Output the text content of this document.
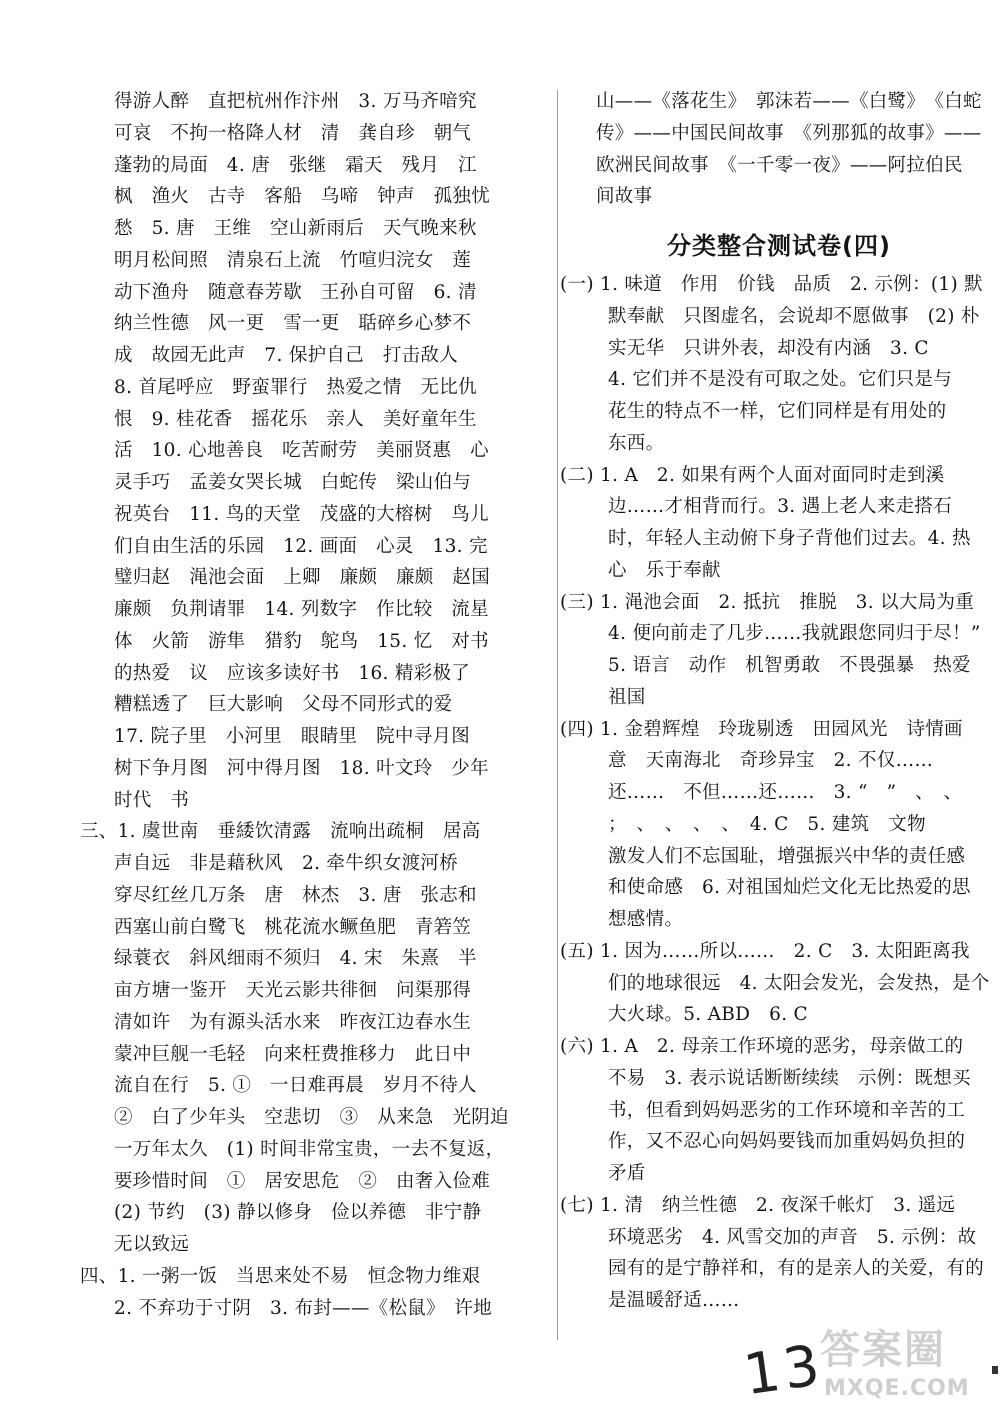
得游人醉　直把杭州作汴州　3. 万马齐喑究
可哀　不拘一格降人材　清　龚自珍　朝气
蓬勃的局面　4. 唐　张继　霜天　残月　江
枫　渔火　古寺　客船　乌啼　钟声　孤独忧
愁　5. 唐　王维　空山新雨后　天气晚来秋
明月松间照　清泉石上流　竹喧归浣女　莲
动下渔舟　随意春芳歇　王孙自可留　6. 清
纳兰性德　风一更　雪一更　聒碎乡心梦不
成　故园无此声　7. 保护自己　打击敌人
8. 首尾呼应　野蛮罪行　热爱之情　无比仇
恨　9. 桂花香　摇花乐　亲人　美好童年生
活　10. 心地善良　吃苦耐劳　美丽贤惠　心
灵手巧　孟姜女哭长城　白蛇传　梁山伯与
祝英台　11. 鸟的天堂　茂盛的大榕树　鸟儿
们自由生活的乐园　12. 画面　心灵　13. 完
璧归赵　渑池会面　上卿　廉颇　廉颇　赵国
廉颇　负荆请罪　14. 列数字　作比较　流星
体　火箭　游隼　猎豹　鸵鸟　15. 忆　对书
的热爱　议　应该多读好书　16. 精彩极了
糟糕透了　巨大影响　父母不同形式的爱
17. 院子里　小河里　眼睛里　院中寻月图
树下争月图　河中得月图　18. 叶文玲　少年
时代　书
三、1. 虞世南　垂緌饮清露　流响出疏桐　居高
声自远　非是藉秋风　2. 牵牛织女渡河桥
穿尽红丝几万条　唐　林杰　3. 唐　张志和
西塞山前白鹭飞　桃花流水鳜鱼肥　青箬笠
绿蓑衣　斜风细雨不须归　4. 宋　朱熹　半
亩方塘一鉴开　天光云影共徘徊　问渠那得
清如许　为有源头活水来　昨夜江边春水生
蒙冲巨舰一毛轻　向来枉费推移力　此日中
流自在行　5. ①　一日难再晨　岁月不待人
②　白了少年头　空悲切　③　从来急　光阴迫
一万年太久　(1) 时间非常宝贵，一去不复返，
要珍惜时间　①　居安思危　②　由奢入俭难
(2) 节约　(3) 静以修身　俭以养德　非宁静
无以致远
四、1. 一粥一饭　当思来处不易　恒念物力维艰
2. 不弃功于寸阴　3. 布封——《松鼠》　许地
山——《落花生》　郭沫若——《白鹭》　《白蛇
传》——中国民间故事　《列那狐的故事》——
欧洲民间故事　《一千零一夜》——阿拉伯民
间故事
分类整合测试卷(四)
(一) 1. 味道　作用　价钱　品质　2. 示例：(1) 默
默奉献　只图虚名，会说却不愿做事　(2) 朴
实无华　只讲外表，却没有内涵　3. C
4. 它们并不是没有可取之处。它们只是与
花生的特点不一样，它们同样是有用处的
东西。
(二) 1. A　2. 如果有两个人面对面同时走到溪
边……才相背而行。3. 遇上老人来走搭石
时，年轻人主动俯下身子背他们过去。4. 热
心　乐于奉献
(三) 1. 渑池会面　2. 抵抗　推脱　3. 以大局为重
4. 便向前走了几步……我就跟您同归于尽！”
5. 语言　动作　机智勇敢　不畏强暴　热爱
祖国
(四) 1. 金碧辉煌　玲珑剔透　田园风光　诗情画
意　天南海北　奇珍异宝　2. 不仅……
还……　不但……还……　3. “　”　、　、
；　、　、　、　、　4. C　5. 建筑　文物
激发人们不忘国耻，增强振兴中华的责任感
和使命感　6. 对祖国灿烂文化无比热爱的思
想感情。
(五) 1. 因为……所以……　2. C　3. 太阳距离我
们的地球很远　4. 太阳会发光，会发热，是个
大火球。5. ABD　6. C
(六) 1. A　2. 母亲工作环境的恶劣，母亲做工的
不易　3. 表示说话断断续续　示例：既想买
书，但看到妈妈恶劣的工作环境和辛苦的工
作，又不忍心向妈妈要钱而加重妈妈负担的
矛盾
(七) 1. 清　纳兰性德　2. 夜深千帐灯　3. 遥远
环境恶劣　4. 风雪交加的声音　5. 示例：故
园有的是宁静祥和，有的是亲人的关爱，有的
是温暖舒适……
13
答案圈
MXQE.COM
